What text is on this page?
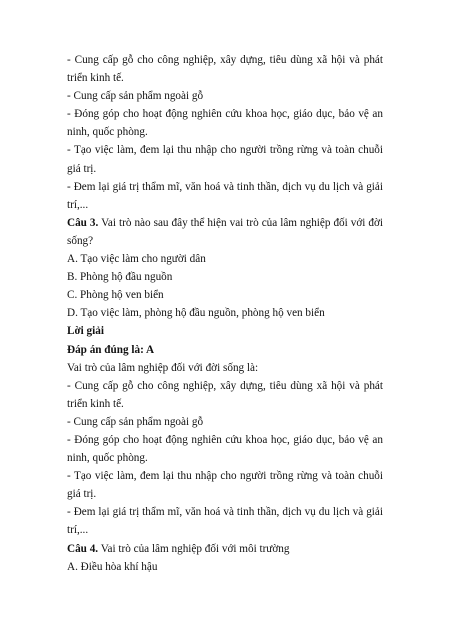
- Cung cấp gỗ cho công nghiệp, xây dựng, tiêu dùng xã hội và phát triển kinh tế.

- Cung cấp sản phẩm ngoài gỗ

- Đóng góp cho hoạt động nghiên cứu khoa học, giáo dục, bảo vệ an ninh, quốc phòng.

- Tạo việc làm, đem lại thu nhập cho người trồng rừng và toàn chuỗi giá trị.

- Đem lại giá trị thẩm mĩ, văn hoá và tinh thần, dịch vụ du lịch và giải trí,...

Câu 3. Vai trò nào sau đây thể hiện vai trò của lâm nghiệp đối với đời sống?

A. Tạo việc làm cho người dân

B. Phòng hộ đầu nguồn

C. Phòng hộ ven biển

D. Tạo việc làm, phòng hộ đầu nguồn, phòng hộ ven biển

Lời giải

Đáp án đúng là: A

Vai trò của lâm nghiệp đối với đời sống là:

- Cung cấp gỗ cho công nghiệp, xây dựng, tiêu dùng xã hội và phát triển kinh tế.

- Cung cấp sản phẩm ngoài gỗ

- Đóng góp cho hoạt động nghiên cứu khoa học, giáo dục, bảo vệ an ninh, quốc phòng.

- Tạo việc làm, đem lại thu nhập cho người trồng rừng và toàn chuỗi giá trị.

- Đem lại giá trị thẩm mĩ, văn hoá và tinh thần, dịch vụ du lịch và giải trí,...

Câu 4. Vai trò của lâm nghiệp đối với môi trường

A. Điều hòa khí hậu
